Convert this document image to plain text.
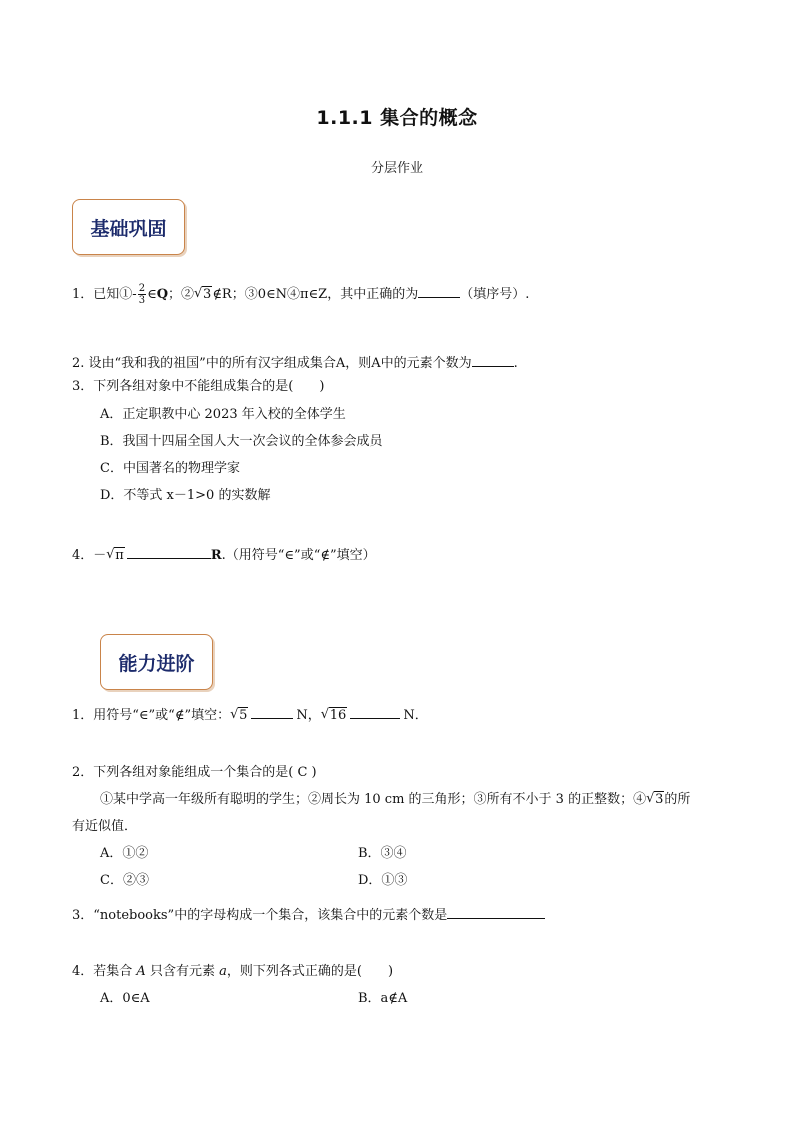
1.1.1 集合的概念
分层作业
基础巩固
1．已知①- $\frac{2}{3}$ ∈Q；② √ 3∉R；③0∈N④π∈Z，其中正确的为	（填序号）.
2. 设由“我和我的祖国”中的所有汉字组成集合A，则A中的元素个数为	.
3．下列各组对象中不能组成集合的是(　　)
A．正定职教中心 2023 年入校的全体学生
B．我国十四届全国人大一次会议的全体参会成员
C．中国著名的物理学家
D．不等式 x－1>0 的实数解
4．－ √ π	R.（用符号“∈”或“∉”填空）
能力进阶
1．用符号“∈”或“∉”填空： √ 5	N， √ 16	N．
2．下列各组对象能组成一个集合的是( C )
①某中学高一年级所有聪明的学生；②周长为 10 cm 的三角形；③所有不小于 3 的正整数；④ √ 3的所
有近似值．
A．①②	B．③④
C．②③	D．①③
3．“notebooks”中的字母构成一个集合，该集合中的元素个数是
4．若集合 A 只含有元素 a，则下列各式正确的是(　　)
A．0∈A	B．a∉A
